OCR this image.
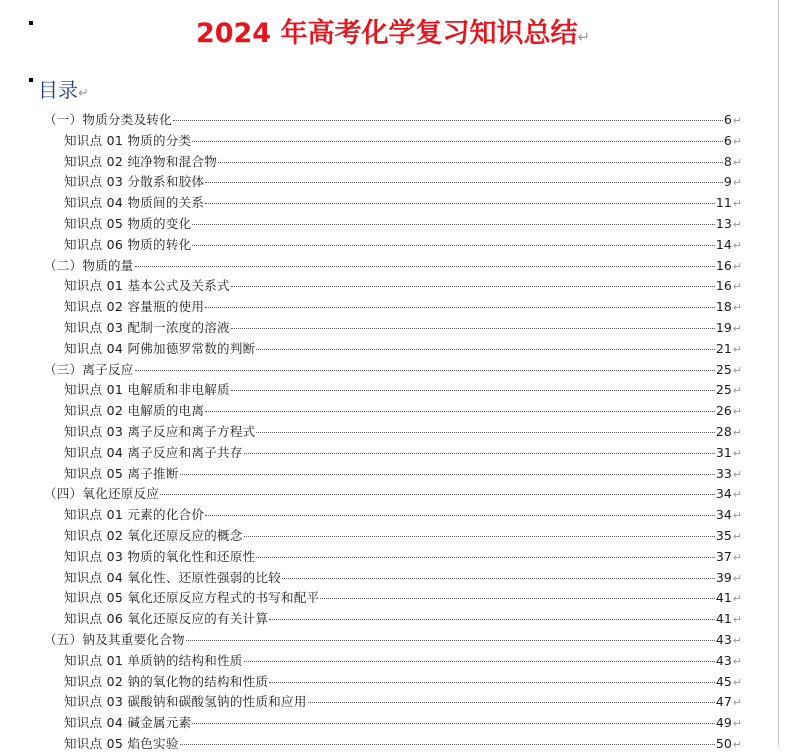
2024 年高考化学复习知识总结↵
目录↵
（一）物质分类及转化	6 ↵
知识点 01 物质的分类	6 ↵
知识点 02 纯净物和混合物	8 ↵
知识点 03 分散系和胶体	9 ↵
知识点 04 物质间的关系	11 ↵
知识点 05 物质的变化	13 ↵
知识点 06 物质的转化	14 ↵
（二）物质的量	16 ↵
知识点 01 基本公式及关系式	16 ↵
知识点 02 容量瓶的使用	18 ↵
知识点 03 配制一浓度的溶液	19 ↵
知识点 04 阿佛加德罗常数的判断	21 ↵
（三）离子反应	25 ↵
知识点 01 电解质和非电解质	25 ↵
知识点 02 电解质的电离	26 ↵
知识点 03 离子反应和离子方程式	28 ↵
知识点 04 离子反应和离子共存	31 ↵
知识点 05 离子推断	33 ↵
（四）氧化还原反应	34 ↵
知识点 01 元素的化合价	34 ↵
知识点 02 氧化还原反应的概念	35 ↵
知识点 03 物质的氧化性和还原性	37 ↵
知识点 04 氧化性、还原性强弱的比较	39 ↵
知识点 05 氧化还原反应方程式的书写和配平	41 ↵
知识点 06 氧化还原反应的有关计算	41 ↵
（五）钠及其重要化合物	43 ↵
知识点 01 单质钠的结构和性质	43 ↵
知识点 02 钠的氧化物的结构和性质	45 ↵
知识点 03 碳酸钠和碳酸氢钠的性质和应用	47 ↵
知识点 04 碱金属元素	49 ↵
知识点 05 焰色实验	50 ↵
